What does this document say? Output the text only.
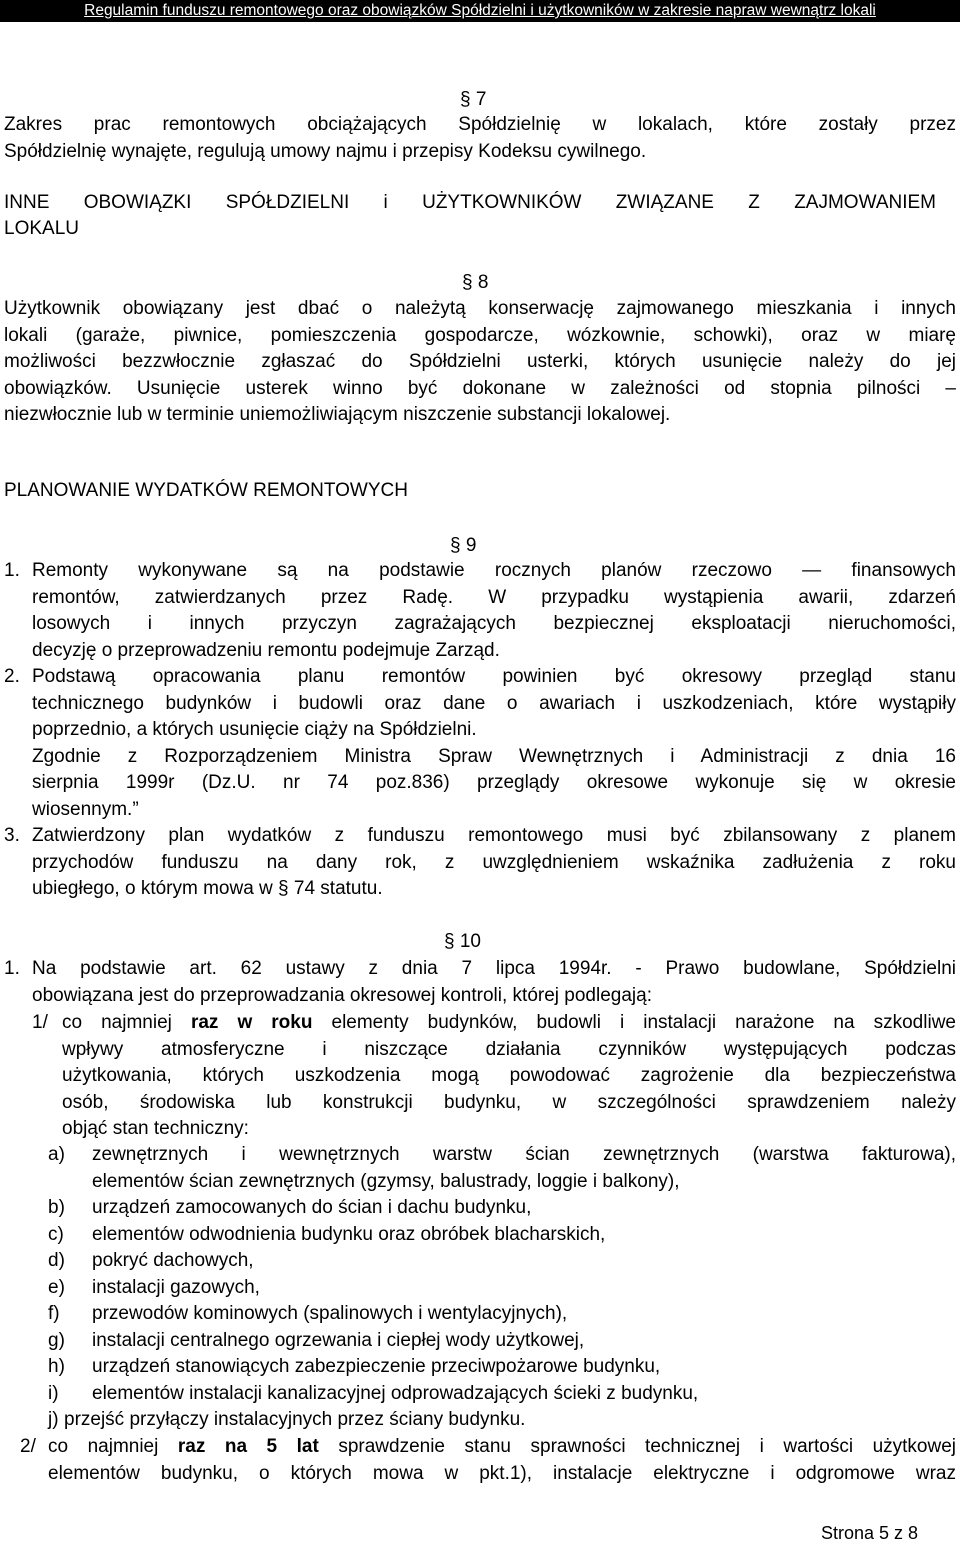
Regulamin funduszu remontowego oraz obowiązków Spółdzielni i użytkowników w zakresie napraw wewnątrz lokali
§ 7
Zakres prac remontowych obciążających Spółdzielnię w lokalach, które zostały przez
Spółdzielnię wynajęte, regulują umowy najmu i przepisy Kodeksu cywilnego.
INNE OBOWIĄZKI SPÓŁDZIELNI i UŻYTKOWNIKÓW ZWIĄZANE Z ZAJMOWANIEM
LOKALU
§ 8
Użytkownik obowiązany jest dbać o należytą konserwację zajmowanego mieszkania i innych
lokali (garaże, piwnice, pomieszczenia gospodarcze, wózkownie, schowki), oraz w miarę
możliwości bezzwłocznie zgłaszać do Spółdzielni usterki, których usunięcie należy do jej
obowiązków. Usunięcie usterek winno być dokonane w zależności od stopnia pilności –
niezwłocznie lub w terminie uniemożliwiającym niszczenie substancji lokalowej.
PLANOWANIE WYDATKÓW REMONTOWYCH
§ 9
1. Remonty wykonywane są na podstawie rocznych planów rzeczowo — finansowych
remontów, zatwierdzanych przez Radę. W przypadku wystąpienia awarii, zdarzeń
losowych i innych przyczyn zagrażających bezpiecznej eksploatacji nieruchomości,
decyzję o przeprowadzeniu remontu podejmuje Zarząd.
2. Podstawą opracowania planu remontów powinien być okresowy przegląd stanu
technicznego budynków i budowli oraz dane o awariach i uszkodzeniach, które wystąpiły
poprzednio, a których usunięcie ciąży na Spółdzielni.
Zgodnie z Rozporządzeniem Ministra Spraw Wewnętrznych i Administracji z dnia 16
sierpnia 1999r (Dz.U. nr 74 poz.836) przeglądy okresowe wykonuje się w okresie
wiosennym.”
3. Zatwierdzony plan wydatków z funduszu remontowego musi być zbilansowany z planem
przychodów funduszu na dany rok, z uwzględnieniem wskaźnika zadłużenia z roku
ubiegłego, o którym mowa w § 74 statutu.
§ 10
1. Na podstawie art. 62 ustawy z dnia 7 lipca 1994r. - Prawo budowlane, Spółdzielni
obowiązana jest do przeprowadzania okresowej kontroli, której podlegają:
1/ co najmniej raz w roku elementy budynków, budowli i instalacji narażone na szkodliwe
wpływy atmosferyczne i niszczące działania czynników występujących podczas
użytkowania, których uszkodzenia mogą powodować zagrożenie dla bezpieczeństwa
osób, środowiska lub konstrukcji budynku, w szczególności sprawdzeniem należy
objąć stan techniczny:
a) zewnętrznych i wewnętrznych warstw ścian zewnętrznych (warstwa fakturowa),
elementów ścian zewnętrznych (gzymsy, balustrady, loggie i balkony),
b) urządzeń zamocowanych do ścian i dachu budynku,
c) elementów odwodnienia budynku oraz obróbek blacharskich,
d) pokryć dachowych,
e) instalacji gazowych,
f) przewodów kominowych (spalinowych i wentylacyjnych),
g) instalacji centralnego ogrzewania i ciepłej wody użytkowej,
h) urządzeń stanowiących zabezpieczenie przeciwpożarowe budynku,
i) elementów instalacji kanalizacyjnej odprowadzających ścieki z budynku,
j) przejść przyłączy instalacyjnych przez ściany budynku.
2/ co najmniej raz na 5 lat sprawdzenie stanu sprawności technicznej i wartości użytkowej
elementów budynku, o których mowa w pkt.1), instalacje elektryczne i odgromowe wraz
Strona 5 z 8
